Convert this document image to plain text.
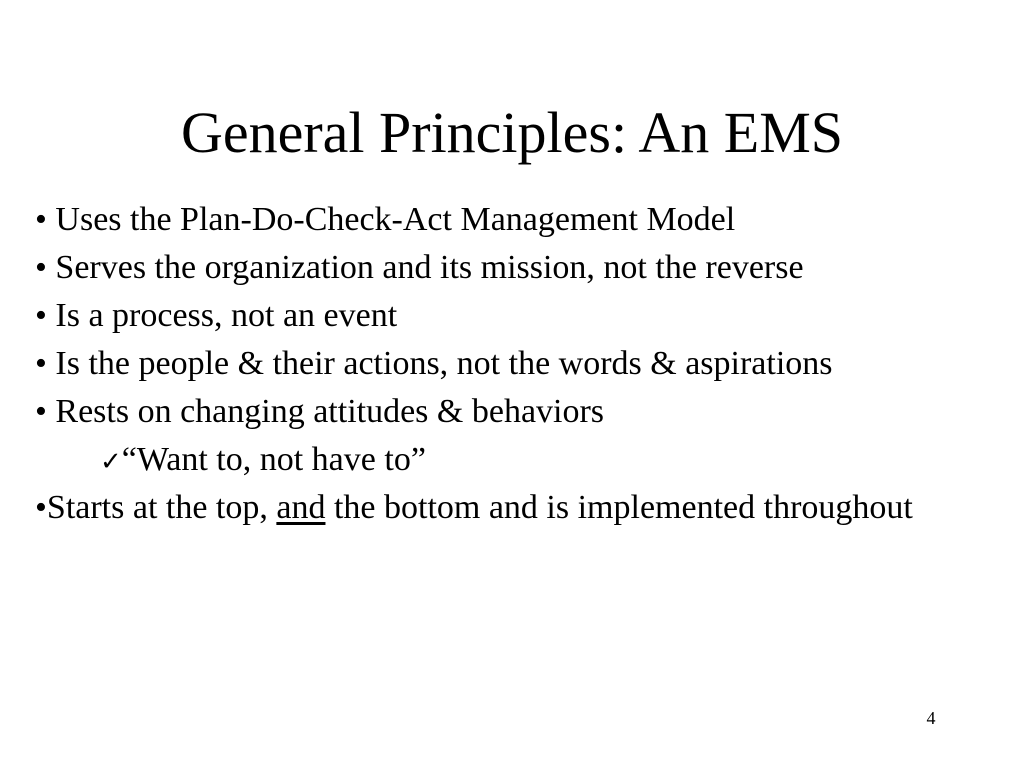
General Principles: An EMS
• Uses the Plan-Do-Check-Act Management Model
• Serves the organization and its mission, not the reverse
• Is a process, not an event
• Is the people & their actions, not the words & aspirations
• Rests on changing attitudes & behaviors
✓“Want to, not have to”
•Starts at the top, and the bottom and is implemented throughout
4
